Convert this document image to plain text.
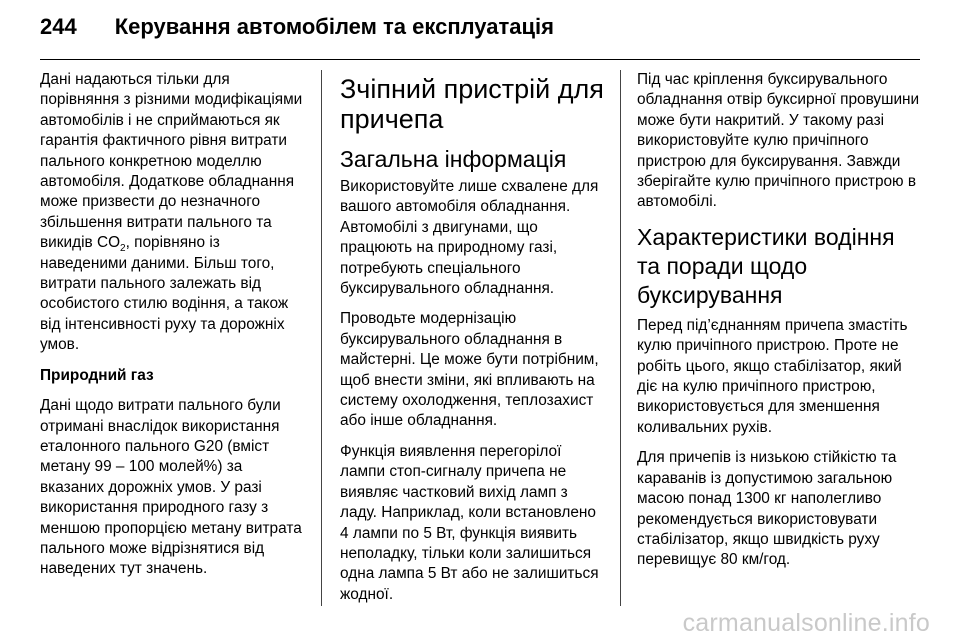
244 Керування автомобілем та експлуатація

Дані надаються тільки для порівняння з різними модифікаціями автомобілів і не сприймаються як гарантія фактичного рівня витрати пального конкретною моделлю автомобіля. Додаткове обладнання може призвести до незначного збільшення витрати пального та викидів $CO_2$, порівняно із наведеними даними. Більш того, витрати пального залежать від особистого стилю водіння, а також від інтенсивності руху та дорожніх умов.

Природний газ

Дані щодо витрати пального були отримані внаслідок використання еталонного пального G20 (вміст метану 99 – 100 молей%) за вказаних дорожніх умов. У разі використання природного газу з меншою пропорцією метану витрата пального може відрізнятися від наведених тут значень.

Зчіпний пристрій для причепа
Загальна інформація

Використовуйте лише схвалене для вашого автомобіля обладнання. Автомобілі з двигунами, що працюють на природному газі, потребують спеціального буксирувального обладнання.

Проводьте модернізацію буксирувального обладнання в майстерні. Це може бути потрібним, щоб внести зміни, які впливають на систему охолодження, теплозахист або інше обладнання.

Функція виявлення перегорілої лампи стоп-сигналу причепа не виявляє частковий вихід ламп з ладу. Наприклад, коли встановлено 4 лампи по 5 Вт, функція виявить неполадку, тільки коли залишиться одна лампа 5 Вт або не залишиться жодної.

Під час кріплення буксирувального обладнання отвір буксирної провушини може бути накритий. У такому разі використовуйте кулю причіпного пристрою для буксирування. Завжди зберігайте кулю причіпного пристрою в автомобілі.

Характеристики водіння та поради щодо буксирування

Перед під’єднанням причепа змастіть кулю причіпного пристрою. Проте не робіть цього, якщо стабілізатор, який діє на кулю причіпного пристрою, використовується для зменшення коливальних рухів.

Для причепів із низькою стійкістю та караванів із допустимою загальною масою понад 1300 кг наполегливо рекомендується використовувати стабілізатор, якщо швидкість руху перевищує 80 км/год.

carmanualsonline.info
